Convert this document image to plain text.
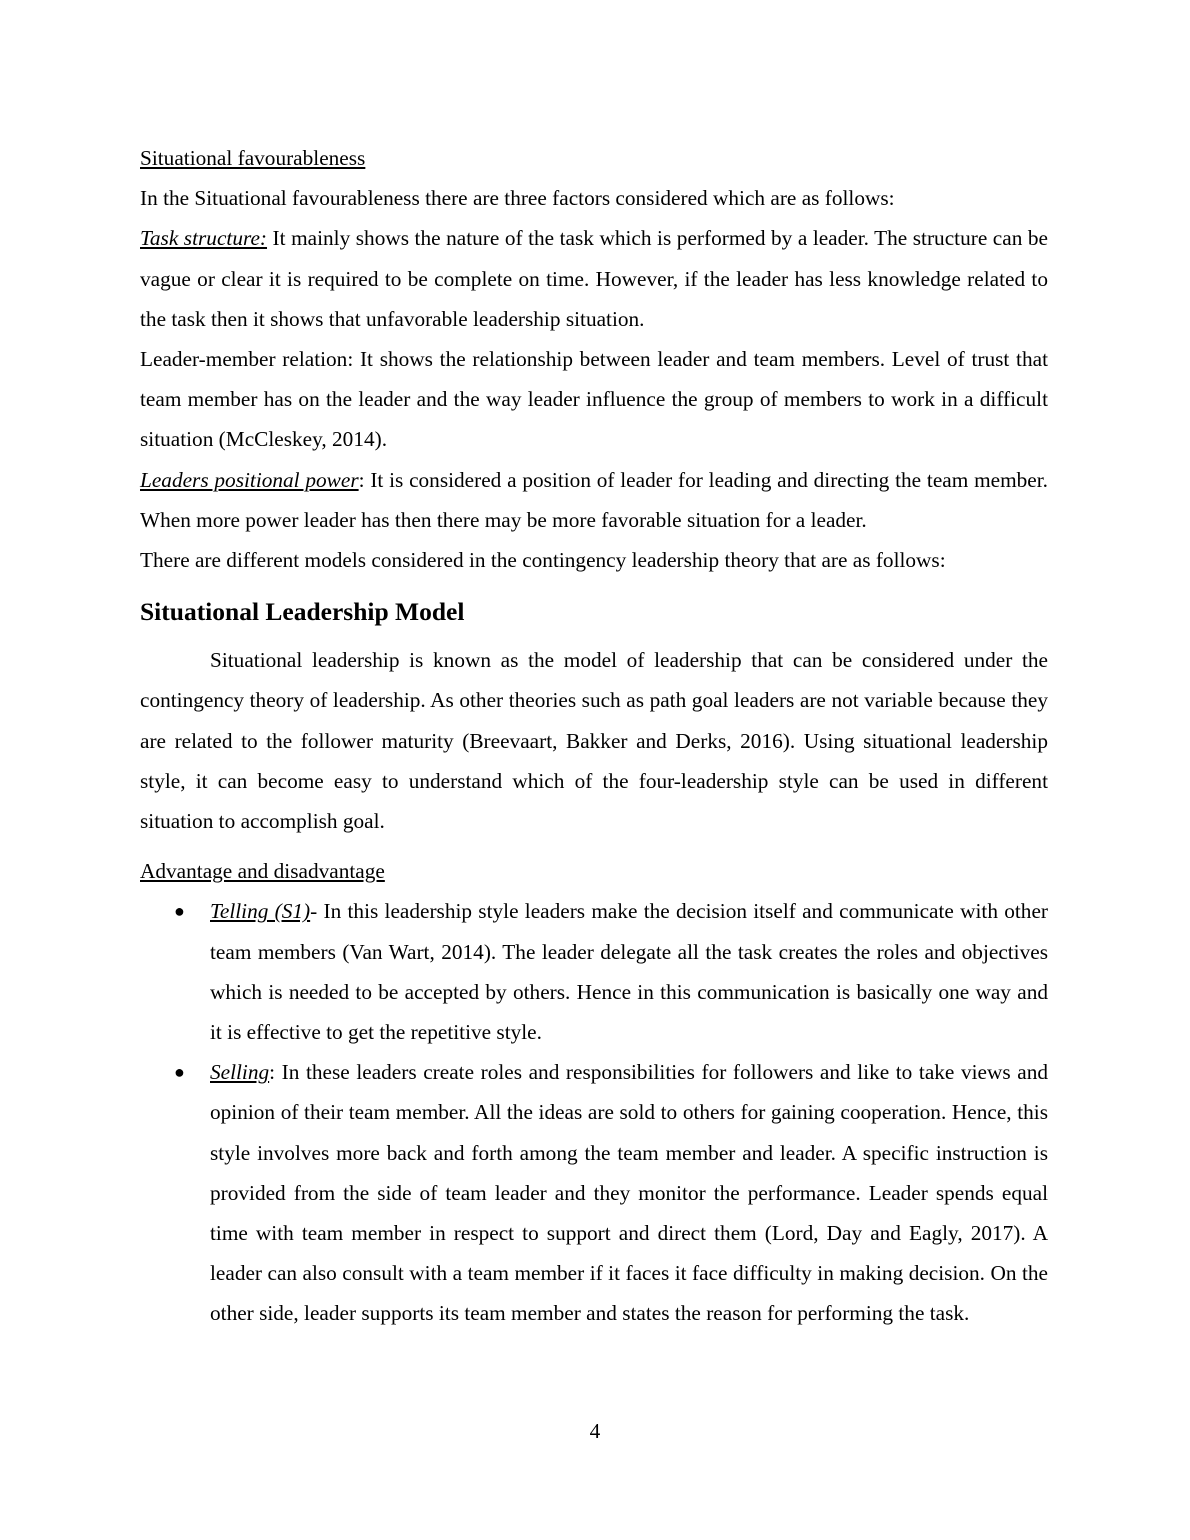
Situational favourableness

In the Situational favourableness there are three factors considered which are as follows:

Task structure: It mainly shows the nature of the task which is performed by a leader. The structure can be vague or clear it is required to be complete on time. However, if the leader has less knowledge related to the task then it shows that unfavorable leadership situation.

Leader-member relation: It shows the relationship between leader and team members. Level of trust that team member has on the leader and the way leader influence the group of members to work in a difficult situation (McCleskey, 2014).

Leaders positional power: It is considered a position of leader for leading and directing the team member. When more power leader has then there may be more favorable situation for a leader.

There are different models considered in the contingency leadership theory that are as follows:

Situational Leadership Model

Situational leadership is known as the model of leadership that can be considered under the contingency theory of leadership. As other theories such as path goal leaders are not variable because they are related to the follower maturity (Breevaart, Bakker and Derks, 2016). Using situational leadership style, it can become easy to understand which of the four-leadership style can be used in different situation to accomplish goal.

Advantage and disadvantage

● Telling (S1)- In this leadership style leaders make the decision itself and communicate with other team members (Van Wart, 2014). The leader delegate all the task creates the roles and objectives which is needed to be accepted by others. Hence in this communication is basically one way and it is effective to get the repetitive style.
● Selling: In these leaders create roles and responsibilities for followers and like to take views and opinion of their team member. All the ideas are sold to others for gaining cooperation. Hence, this style involves more back and forth among the team member and leader. A specific instruction is provided from the side of team leader and they monitor the performance. Leader spends equal time with team member in respect to support and direct them (Lord, Day and Eagly, 2017). A leader can also consult with a team member if it faces it face difficulty in making decision. On the other side, leader supports its team member and states the reason for performing the task.
4
